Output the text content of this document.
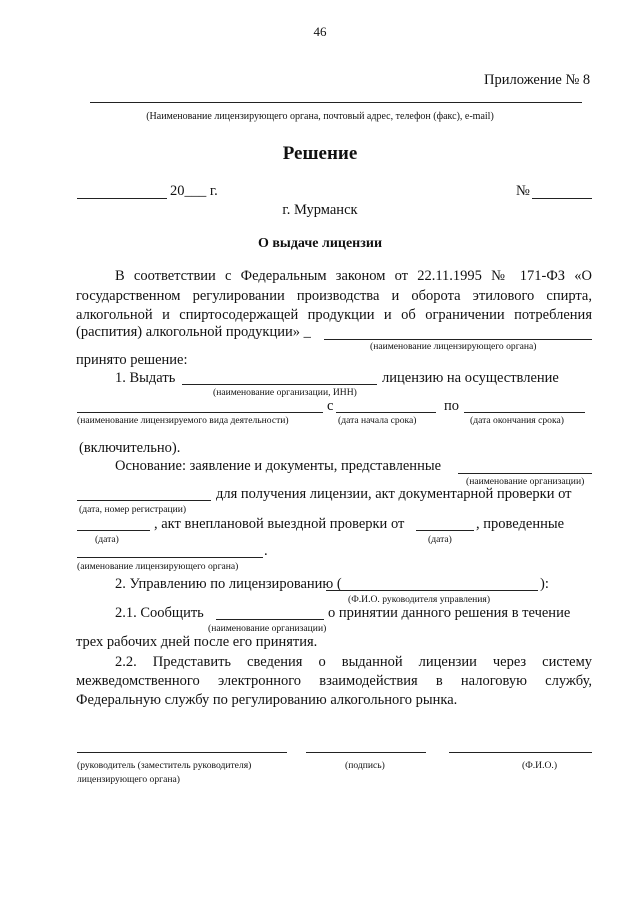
46
Приложение № 8
(Наименование лицензирующего органа, почтовый адрес, телефон (факс), e-mail)
Решение
20___ г.	№
г. Мурманск
О выдаче лицензии
В соответствии с Федеральным законом от 22.11.1995 № 171-ФЗ «О
государственном регулировании производства и оборота этилового спирта,
алкогольной и спиртосодержащей продукции и об ограничении потребления
(распития) алкогольной продукции» _
(наименование лицензирующего органа)
принято решение:
1. Выдать	лицензию на осуществление
(наименование организации, ИНН)
с	по
(наименование лицензируемого вида деятельности)	(дата начала срока)	(дата окончания срока)
(включительно).
Основание: заявление и документы, представленные
(наименование организации)
для получения лицензии, акт документарной проверки от
(дата, номер регистрации)
, акт внеплановой выездной проверки от	, проведенные
(дата)	(дата)
.
(аименование лицензирующего органа)
2. Управлению по лицензированию (	):
(Ф.И.О. руководителя управления)
2.1. Сообщить	о принятии данного решения в течение
(наименование организации)
трех рабочих дней после его принятия.
2.2. Представить сведения о выданной лицензии через систему
межведомственного электронного взаимодействия в налоговую службу,
Федеральную службу по регулированию алкогольного рынка.
(руководитель (заместитель руководителя)
лицензирующего органа)
(подпись)	(Ф.И.О.)
